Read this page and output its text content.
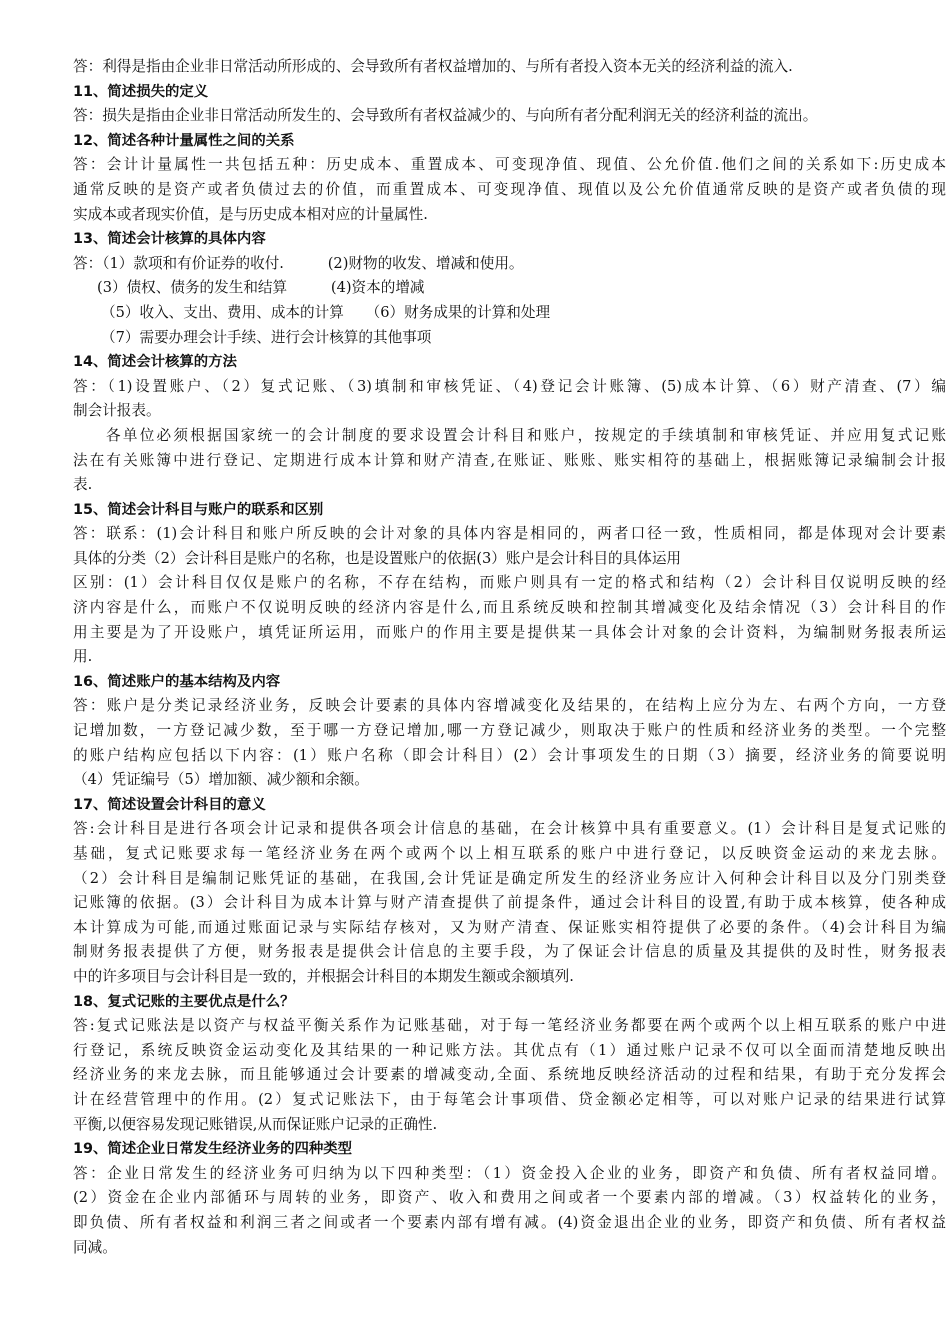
答：利得是指由企业非日常活动所形成的、会导致所有者权益增加的、与所有者投入资本无关的经济利益的流入.
11、简述损失的定义
答：损失是指由企业非日常活动所发生的、会导致所有者权益减少的、与向所有者分配利润无关的经济利益的流出。
12、简述各种计量属性之间的关系
答：会计计量属性一共包括五种：历史成本、重置成本、可变现净值、现值、公允价值.他们之间的关系如下:历史成本
通常反映的是资产或者负债过去的价值，而重置成本、可变现净值、现值以及公允价值通常反映的是资产或者负债的现
实成本或者现实价值，是与历史成本相对应的计量属性.
13、简述会计核算的具体内容
答：（1）款项和有价证券的收付.　　　(2)财物的收发、增减和使用。
(3）债权、债务的发生和结算　　　(4)资本的增减
（5）收入、支出、费用、成本的计算　　（6）财务成果的计算和处理
（7）需要办理会计手续、进行会计核算的其他事项
14、简述会计核算的方法
答：（1)设置账户、（2）复式记账、（3)填制和审核凭证、（4)登记会计账簿、(5)成本计算、（6）财产清查、(7）编
制会计报表。
各单位必须根据国家统一的会计制度的要求设置会计科目和账户，按规定的手续填制和审核凭证、并应用复式记账
法在有关账簿中进行登记、定期进行成本计算和财产清查,在账证、账账、账实相符的基础上，根据账簿记录编制会计报
表.
15、简述会计科目与账户的联系和区别
答：联系：(1)会计科目和账户所反映的会计对象的具体内容是相同的，两者口径一致，性质相同，都是体现对会计要素
具体的分类（2）会计科目是账户的名称，也是设置账户的依据(3）账户是会计科目的具体运用
区别：(1）会计科目仅仅是账户的名称，不存在结构，而账户则具有一定的格式和结构（2）会计科目仅说明反映的经
济内容是什么，而账户不仅说明反映的经济内容是什么,而且系统反映和控制其增减变化及结余情况（3）会计科目的作
用主要是为了开设账户，填凭证所运用，而账户的作用主要是提供某一具体会计对象的会计资料，为编制财务报表所运
用.
16、简述账户的基本结构及内容
答：账户是分类记录经济业务，反映会计要素的具体内容增减变化及结果的，在结构上应分为左、右两个方向，一方登
记增加数，一方登记减少数，至于哪一方登记增加,哪一方登记减少，则取决于账户的性质和经济业务的类型。一个完整
的账户结构应包括以下内容：(1）账户名称（即会计科目）(2）会计事项发生的日期（3）摘要，经济业务的简要说明
（4）凭证编号（5）增加额、减少额和余额。
17、简述设置会计科目的意义
答:会计科目是进行各项会计记录和提供各项会计信息的基础，在会计核算中具有重要意义。(1）会计科目是复式记账的
基础，复式记账要求每一笔经济业务在两个或两个以上相互联系的账户中进行登记，以反映资金运动的来龙去脉。
（2）会计科目是编制记账凭证的基础，在我国,会计凭证是确定所发生的经济业务应计入何种会计科目以及分门别类登
记账簿的依据。(3）会计科目为成本计算与财产清查提供了前提条件，通过会计科目的设置,有助于成本核算，使各种成
本计算成为可能,而通过账面记录与实际结存核对，又为财产清查、保证账实相符提供了必要的条件。（4)会计科目为编
制财务报表提供了方便，财务报表是提供会计信息的主要手段，为了保证会计信息的质量及其提供的及时性，财务报表
中的许多项目与会计科目是一致的，并根据会计科目的本期发生额或余额填列.
18、复式记账的主要优点是什么？
答:复式记账法是以资产与权益平衡关系作为记账基础，对于每一笔经济业务都要在两个或两个以上相互联系的账户中进
行登记，系统反映资金运动变化及其结果的一种记账方法。其优点有（1）通过账户记录不仅可以全面而清楚地反映出
经济业务的来龙去脉，而且能够通过会计要素的增减变动,全面、系统地反映经济活动的过程和结果，有助于充分发挥会
计在经营管理中的作用。(2）复式记账法下，由于每笔会计事项借、贷金额必定相等，可以对账户记录的结果进行试算
平衡,以便容易发现记账错误,从而保证账户记录的正确性.
19、简述企业日常发生经济业务的四种类型
答：企业日常发生的经济业务可归纳为以下四种类型：（1）资金投入企业的业务，即资产和负债、所有者权益同增。
(2）资金在企业内部循环与周转的业务，即资产、收入和费用之间或者一个要素内部的增减。（3）权益转化的业务，
即负债、所有者权益和利润三者之间或者一个要素内部有增有减。(4)资金退出企业的业务，即资产和负债、所有者权益
同减。
